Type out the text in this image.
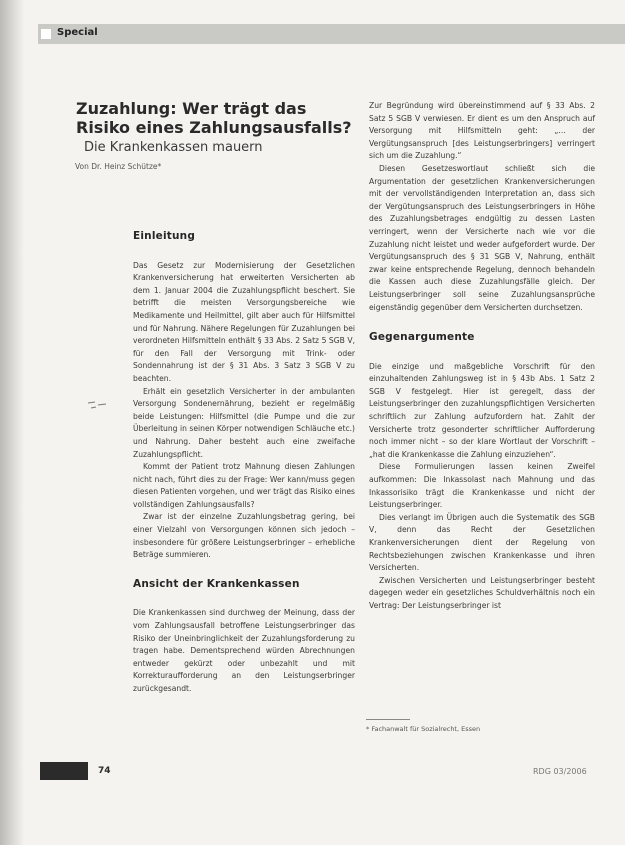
Special
Zuzahlung: Wer trägt das Risiko eines Zahlungsausfalls?
Die Krankenkassen mauern
Von Dr. Heinz Schütze*
Einleitung

Das Gesetz zur Modernisierung der Gesetzlichen Krankenversicherung hat erweiterten Versicherten ab dem 1. Januar 2004 die Zuzahlungspflicht beschert. Sie betrifft die meisten Versorgungsbereiche wie Medikamente und Heilmittel, gilt aber auch für Hilfsmittel und für Nahrung. Nähere Regelungen für Zuzahlungen bei verordneten Hilfsmitteln enthält § 33 Abs. 2 Satz 5 SGB V, für den Fall der Versorgung mit Trink- oder Sondennahrung ist der § 31 Abs. 3 Satz 3 SGB V zu beachten.

Erhält ein gesetzlich Versicherter in der ambulanten Versorgung Sondenernährung, bezieht er regelmäßig beide Leistungen: Hilfsmittel (die Pumpe und die zur Überleitung in seinen Körper notwendigen Schläuche etc.) und Nahrung. Daher besteht auch eine zweifache Zuzahlungspflicht.

Kommt der Patient trotz Mahnung diesen Zahlungen nicht nach, führt dies zu der Frage: Wer kann/muss gegen diesen Patienten vorgehen, und wer trägt das Risiko eines vollständigen Zahlungsausfalls?

Zwar ist der einzelne Zuzahlungsbetrag gering, bei einer Vielzahl von Versorgungen können sich jedoch – insbesondere für größere Leistungserbringer – erhebliche Beträge summieren.

Ansicht der Krankenkassen

Die Krankenkassen sind durchweg der Meinung, dass der vom Zahlungsausfall betroffene Leistungserbringer das Risiko der Uneinbringlichkeit der Zuzahlungsforderung zu tragen habe. Dementsprechend würden Abrechnungen entweder gekürzt oder unbezahlt und mit Korrekturaufforderung an den Leistungserbringer zurückgesandt.

Zur Begründung wird übereinstimmend auf § 33 Abs. 2 Satz 5 SGB V verwiesen. Er dient es um den Anspruch auf Versorgung mit Hilfsmitteln geht: „… der Vergütungsanspruch [des Leistungserbringers] verringert sich um die Zuzahlung.“

Diesen Gesetzeswortlaut schließt sich die Argumentation der gesetzlichen Krankenversicherungen mit der vervollständigenden Interpretation an, dass sich der Vergütungsanspruch des Leistungserbringers in Höhe des Zuzahlungsbetrages endgültig zu dessen Lasten verringert, wenn der Versicherte nach wie vor die Zuzahlung nicht leistet und weder aufgefordert wurde. Der Vergütungsanspruch des § 31 SGB V, Nahrung, enthält zwar keine entsprechende Regelung, dennoch behandeln die Kassen auch diese Zuzahlungsfälle gleich. Der Leistungserbringer soll seine Zuzahlungsansprüche eigenständig gegenüber dem Versicherten durchsetzen.

Gegenargumente

Die einzige und maßgebliche Vorschrift für den einzuhaltenden Zahlungsweg ist in § 43b Abs. 1 Satz 2 SGB V festgelegt. Hier ist geregelt, dass der Leistungserbringer den zuzahlungspflichtigen Versicherten schriftlich zur Zahlung aufzufordern hat. Zahlt der Versicherte trotz gesonderter schriftlicher Aufforderung noch immer nicht – so der klare Wortlaut der Vorschrift – „hat die Krankenkasse die Zahlung einzuziehen“.

Diese Formulierungen lassen keinen Zweifel aufkommen: Die Inkassolast nach Mahnung und das Inkassorisiko trägt die Krankenkasse und nicht der Leistungserbringer.

Dies verlangt im Übrigen auch die Systematik des SGB V, denn das Recht der Gesetzlichen Krankenversicherungen dient der Regelung von Rechtsbeziehungen zwischen Krankenkasse und ihren Versicherten.

Zwischen Versicherten und Leistungserbringer besteht dagegen weder ein gesetzliches Schuldverhältnis noch ein Vertrag: Der Leistungserbringer ist

* Fachanwalt für Sozialrecht, Essen
74	RDG 03/2006
